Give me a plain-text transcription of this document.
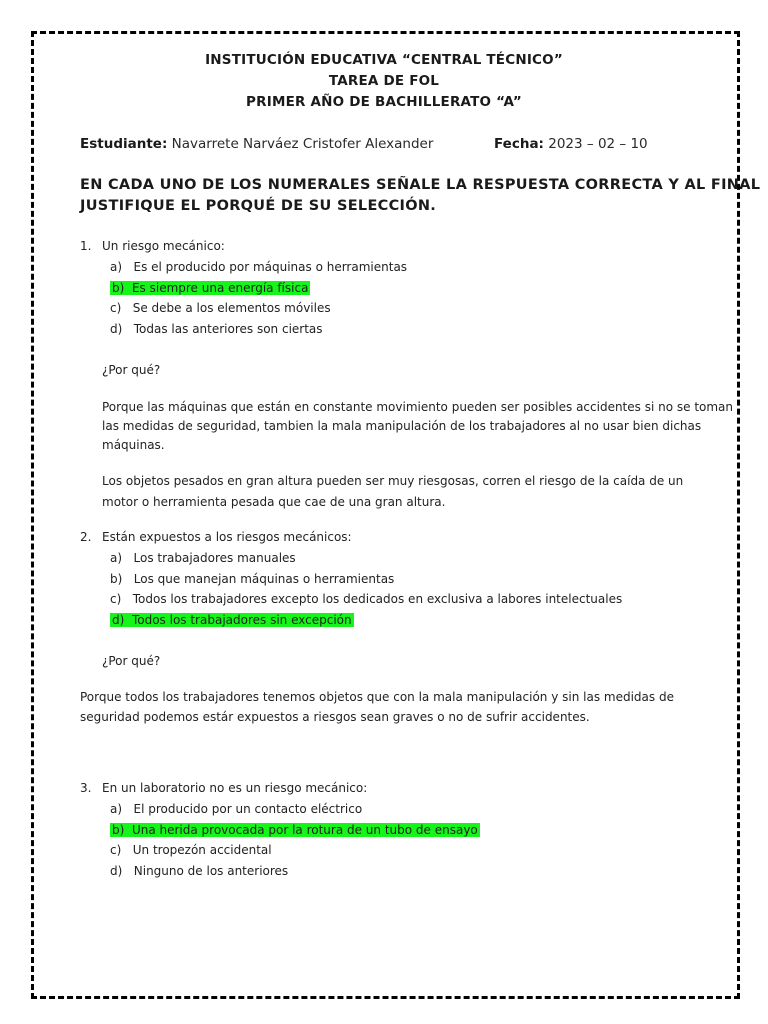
INSTITUCIÓN EDUCATIVA “CENTRAL TÉCNICO”
TAREA DE FOL
PRIMER AÑO DE BACHILLERATO “A”
Estudiante: Navarrete Narváez Cristofer Alexander	Fecha: 2023 – 02 – 10
EN CADA UNO DE LOS NUMERALES SEÑALE LA RESPUESTA CORRECTA Y AL FINAL
JUSTIFIQUE EL PORQUÉ DE SU SELECCIÓN.
1. Un riesgo mecánico:
a) Es el producido por máquinas o herramientas
b) Es siempre una energía física
c) Se debe a los elementos móviles
d) Todas las anteriores son ciertas
¿Por qué?
Porque las máquinas que están en constante movimiento pueden ser posibles accidentes si no se toman
las medidas de seguridad, tambien la mala manipulación de los trabajadores al no usar bien dichas
máquinas.
Los objetos pesados en gran altura pueden ser muy riesgosas, corren el riesgo de la caída de un
motor o herramienta pesada que cae de una gran altura.
2. Están expuestos a los riesgos mecánicos:
a) Los trabajadores manuales
b) Los que manejan máquinas o herramientas
c) Todos los trabajadores excepto los dedicados en exclusiva a labores intelectuales
d) Todos los trabajadores sin excepción
¿Por qué?
Porque todos los trabajadores tenemos objetos que con la mala manipulación y sin las medidas de
seguridad podemos estár expuestos a riesgos sean graves o no de sufrir accidentes.
3. En un laboratorio no es un riesgo mecánico:
a) El producido por un contacto eléctrico
b) Una herida provocada por la rotura de un tubo de ensayo
c) Un tropezón accidental
d) Ninguno de los anteriores
